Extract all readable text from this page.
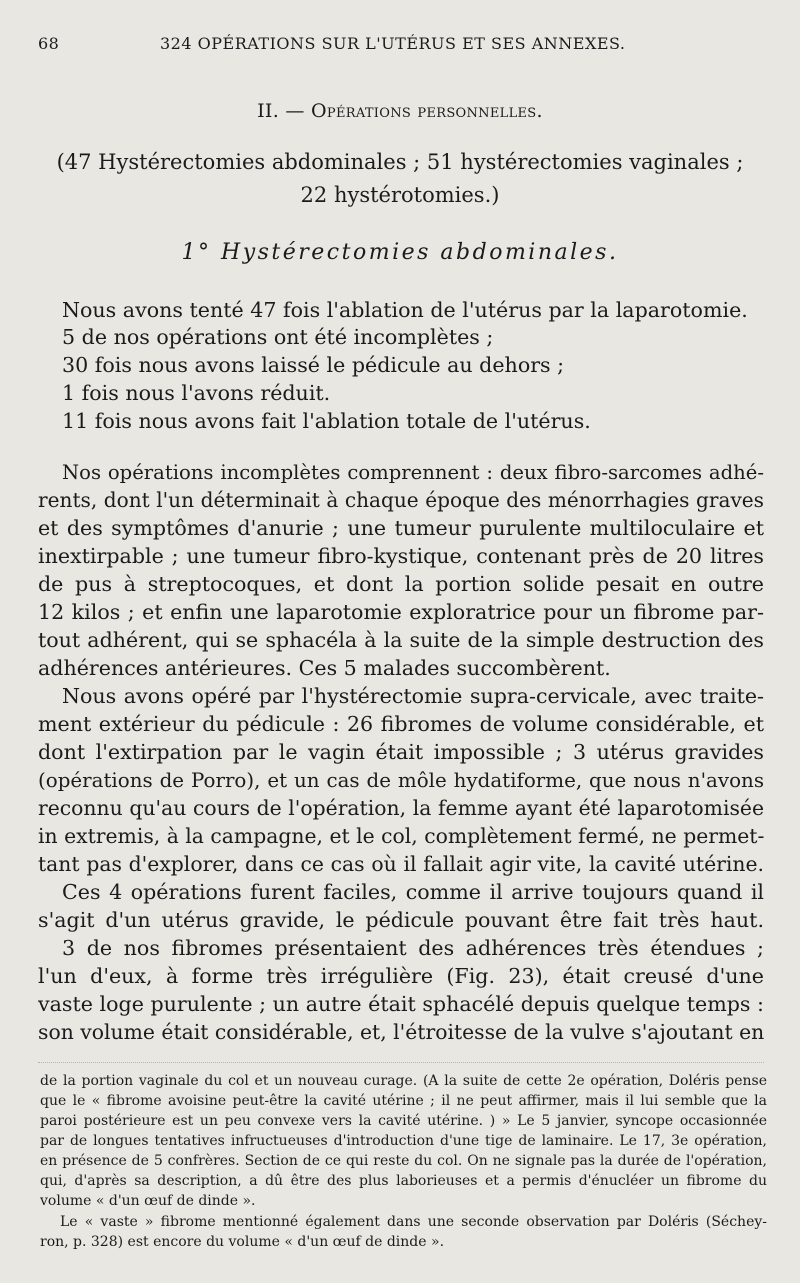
68	324 OPÉRATIONS SUR L'UTÉRUS ET SES ANNEXES.
II. — Opérations personnelles.
(47 Hystérectomies abdominales ; 51 hystérectomies vaginales ;
22 hystérotomies.)
1° Hystérectomies abdominales.
Nous avons tenté 47 fois l'ablation de l'utérus par la laparotomie.
5 de nos opérations ont été incomplètes ;
30 fois nous avons laissé le pédicule au dehors ;
1 fois nous l'avons réduit.
11 fois nous avons fait l'ablation totale de l'utérus.
Nos opérations incomplètes comprennent : deux fibro-sarcomes adhé-
rents, dont l'un déterminait à chaque époque des ménorrhagies graves
et des symptômes d'anurie ; une tumeur purulente multiloculaire et
inextirpable ; une tumeur fibro-kystique, contenant près de 20 litres
de pus à streptocoques, et dont la portion solide pesait en outre
12 kilos ; et enfin une laparotomie exploratrice pour un fibrome par-
tout adhérent, qui se sphacéla à la suite de la simple destruction des
adhérences antérieures. Ces 5 malades succombèrent.
Nous avons opéré par l'hystérectomie supra-cervicale, avec traite-
ment extérieur du pédicule : 26 fibromes de volume considérable, et
dont l'extirpation par le vagin était impossible ; 3 utérus gravides
(opérations de Porro), et un cas de môle hydatiforme, que nous n'avons
reconnu qu'au cours de l'opération, la femme ayant été laparotomisée
in extremis, à la campagne, et le col, complètement fermé, ne permet-
tant pas d'explorer, dans ce cas où il fallait agir vite, la cavité utérine.
Ces 4 opérations furent faciles, comme il arrive toujours quand il
s'agit d'un utérus gravide, le pédicule pouvant être fait très haut.
3 de nos fibromes présentaient des adhérences très étendues ;
l'un d'eux, à forme très irrégulière (Fig. 23), était creusé d'une
vaste loge purulente ; un autre était sphacélé depuis quelque temps :
son volume était considérable, et, l'étroitesse de la vulve s'ajoutant en
de la portion vaginale du col et un nouveau curage. (A la suite de cette 2e opération, Doléris pense
que le « fibrome avoisine peut-être la cavité utérine ; il ne peut affirmer, mais il lui semble que la
paroi postérieure est un peu convexe vers la cavité utérine. ) » Le 5 janvier, syncope occasionnée
par de longues tentatives infructueuses d'introduction d'une tige de laminaire. Le 17, 3e opération,
en présence de 5 confrères. Section de ce qui reste du col. On ne signale pas la durée de l'opération,
qui, d'après sa description, a dû être des plus laborieuses et a permis d'énucléer un fibrome du
volume « d'un œuf de dinde ».
Le « vaste » fibrome mentionné également dans une seconde observation par Doléris (Séchey-
ron, p. 328) est encore du volume « d'un œuf de dinde ».
